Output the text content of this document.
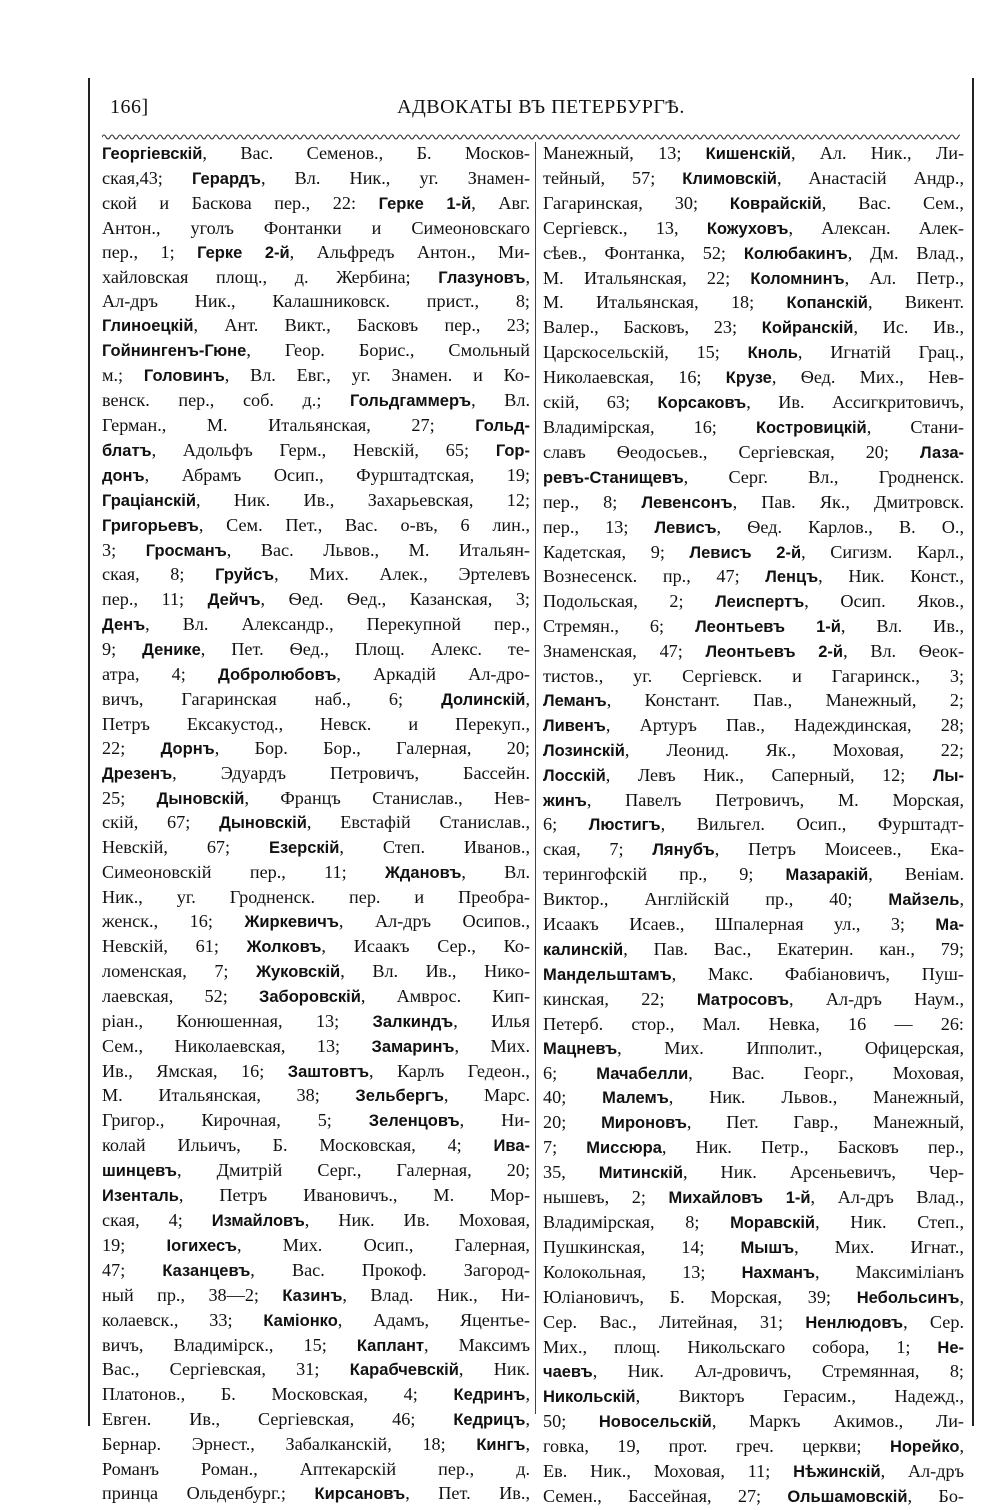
166]	АДВОКАТЫ ВЪ ПЕТЕРБУРГѢ.
Георгіевскій, Вас. Семенов., Б. Москов-
ская,43; Герардъ, Вл. Ник., уг. Знамен-
ской и Баскова пер., 22: Герке 1-й, Авг.
Антон., уголъ Фонтанки и Симеоновскаго
пер., 1; Герке 2-й, Альфредъ Антон., Ми-
хайловская площ., д. Жербина; Глазуновъ,
Ал-дръ Ник., Калашниковск. прист., 8;
Глиноецкій, Ант. Викт., Басковъ пер., 23;
Гойнингенъ-Гюне, Геор. Борис., Смольный
м.; Головинъ, Вл. Евг., уг. Знамен. и Ко-
венск. пер., соб. д.; Гольдгаммеръ, Вл.
Герман., М. Итальянская, 27; Гольд-
блатъ, Адольфъ Герм., Невскій, 65; Гор-
донъ, Абрамъ Осип., Фурштадтская, 19;
Граціанскій, Ник. Ив., Захарьевская, 12;
Григорьевъ, Сем. Пет., Вас. о-въ, 6 лин.,
3; Гросманъ, Вас. Львов., М. Итальян-
ская, 8; Груйсъ, Мих. Алек., Эртелевъ
пер., 11; Дейчъ, Ѳед. Ѳед., Казанская, 3;
Денъ, Вл. Александр., Перекупной пер.,
9; Денике, Пет. Ѳед., Площ. Алекс. те-
атра, 4; Добролюбовъ, Аркадій Ал-дро-
вичъ, Гагаринская наб., 6; Долинскій,
Петръ Ексакустод., Невск. и Перекуп.,
22; Дорнъ, Бор. Бор., Галерная, 20;
Дрезенъ, Эдуардъ Петровичъ, Бассейн.
25; Дыновскій, Францъ Станислав., Нев-
скій, 67; Дыновскій, Евстафій Станислав.,
Невскій, 67; Езерскій, Степ. Иванов.,
Симеоновскій пер., 11; Ждановъ, Вл.
Ник., уг. Гродненск. пер. и Преобра-
женск., 16; Жиркевичъ, Ал-дръ Осипов.,
Невскій, 61; Жолковъ, Исаакъ Сер., Ко-
ломенская, 7; Жуковскій, Вл. Ив., Нико-
лаевская, 52; Заборовскій, Амврос. Кип-
ріан., Конюшенная, 13; Залкиндъ, Илья
Сем., Николаевская, 13; Замаринъ, Мих.
Ив., Ямская, 16; Заштовтъ, Карлъ Гедеон.,
М. Итальянская, 38; Зельбергъ, Марс.
Григор., Кирочная, 5; Зеленцовъ, Ни-
колай Ильичъ, Б. Московская, 4; Ива-
шинцевъ, Дмитрій Серг., Галерная, 20;
Изенталь, Петръ Ивановичъ., М. Мор-
ская, 4; Измайловъ, Ник. Ив. Моховая,
19; Іогихесъ, Мих. Осип., Галерная,
47; Казанцевъ, Вас. Прокоф. Загород-
ный пр., 38—2; Казинъ, Влад. Ник., Ни-
колаевск., 33; Каміонко, Адамъ, Яцентье-
вичъ, Владимірск., 15; Каплант, Максимъ
Вас., Сергіевская, 31; Карабчевскій, Ник.
Платонов., Б. Московская, 4; Кедринъ,
Евген. Ив., Сергіевская, 46; Кедрицъ,
Бернар. Эрнест., Забалканскій, 18; Кингъ,
Романъ Роман., Аптекарскій пер., д.
принца Ольденбург.; Кирсановъ, Пет. Ив.,
Манежный, 13; Кишенскій, Ал. Ник., Ли-
тейный, 57; Климовскій, Анастасій Андр.,
Гагаринская, 30; Коврайскій, Вас. Сем.,
Сергіевск., 13, Кожуховъ, Алексан. Алек-
сѣев., Фонтанка, 52; Колюбакинъ, Дм. Влад.,
М. Итальянская, 22; Коломнинъ, Ал. Петр.,
М. Итальянская, 18; Копанскій, Викент.
Валер., Басковъ, 23; Койранскій, Ис. Ив.,
Царскосельскій, 15; Кноль, Игнатій Грац.,
Николаевская, 16; Крузе, Ѳед. Мих., Нев-
скій, 63; Корсаковъ, Ив. Ассигкритовичъ,
Владимірская, 16; Костровицкій, Стани-
славъ Ѳеодосьев., Сергіевская, 20; Лаза-
ревъ-Станищевъ, Серг. Вл., Гродненск.
пер., 8; Левенсонъ, Пав. Як., Дмитровск.
пер., 13; Левисъ, Ѳед. Карлов., В. О.,
Кадетская, 9; Левисъ 2-й, Сигизм. Карл.,
Вознесенск. пр., 47; Ленцъ, Ник. Конст.,
Подольская, 2; Леиспертъ, Осип. Яков.,
Стремян., 6; Леонтьевъ 1-й, Вл. Ив.,
Знаменская, 47; Леонтьевъ 2-й, Вл. Ѳеок-
тистов., уг. Сергіевск. и Гагаринск., 3;
Леманъ, Констант. Пав., Манежный, 2;
Ливенъ, Артуръ Пав., Надеждинская, 28;
Лозинскій, Леонид. Як., Моховая, 22;
Лосскій, Левъ Ник., Саперный, 12; Лы-
жинъ, Павелъ Петровичъ, М. Морская,
6; Люстигъ, Вильгел. Осип., Фурштадт-
ская, 7; Лянубъ, Петръ Моисеев., Ека-
терингофскій пр., 9; Мазаракій, Веніам.
Виктор., Англійскій пр., 40; Майзель,
Исаакъ Исаев., Шпалерная ул., 3; Ма-
калинскій, Пав. Вас., Екатерин. кан., 79;
Мандельштамъ, Макс. Фабіановичъ, Пуш-
кинская, 22; Матросовъ, Ал-дръ Наум.,
Петерб. стор., Мал. Невка, 16 — 26:
Мацневъ, Мих. Ипполит., Офицерская,
6; Мачабелли, Вас. Георг., Моховая,
40; Малемъ, Ник. Львов., Манежный,
20; Мироновъ, Пет. Гавр., Манежный,
7; Миссюра, Ник. Петр., Басковъ пер.,
35, Митинскій, Ник. Арсеньевичъ, Чер-
нышевъ, 2; Михайловъ 1-й, Ал-дръ Влад.,
Владимірская, 8; Моравскій, Ник. Степ.,
Пушкинская, 14; Мышъ, Мих. Игнат.,
Колокольная, 13; Нахманъ, Максиміліанъ
Юліановичъ, Б. Морская, 39; Небольсинъ,
Сер. Вас., Литейная, 31; Ненлюдовъ, Сер.
Мих., площ. Никольскаго собора, 1; Не-
чаевъ, Ник. Ал-дровичъ, Стремянная, 8;
Никольскій, Викторъ Герасим., Надежд.,
50; Новосельскій, Маркъ Акимов., Ли-
говка, 19, прот. греч. церкви; Норейко,
Ев. Ник., Моховая, 11; Нѣжинскій, Ал-дръ
Семен., Бассейная, 27; Ольшамовскій, Бо-
